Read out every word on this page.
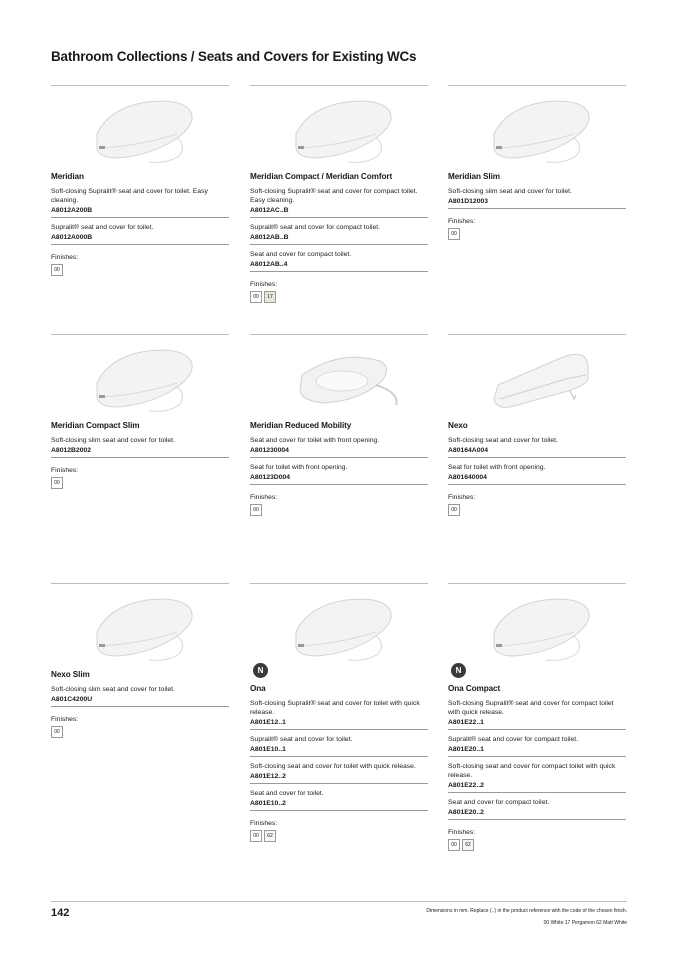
Bathroom Collections / Seats and Covers for Existing WCs
Meridian
Soft-closing Supralit® seat and cover for toilet. Easy cleaning.
A8012A200B
Supralit® seat and cover for toilet.
A8012A000B
Finishes:
00
Meridian Compact / Meridian Comfort
Soft-closing Supralit® seat and cover for compact toilet. Easy cleaning.
A8012AC..B
Supralit® seat and cover for compact toilet.
A8012AB..B
Seat and cover for compact toilet.
A8012AB..4
Finishes:
00	17
Meridian Slim
Soft-closing slim seat and cover for toilet.
A801D12003
Finishes:
00
Meridian Compact Slim
Soft-closing slim seat and cover for toilet.
A8012B2002
Finishes:
00
Meridian Reduced Mobility
Seat and cover for toilet with front opening.
A801230004
Seat for toilet with front opening.
A80123D004
Finishes:
00
Nexo
Soft-closing seat and cover for toilet.
A80164A004
Seat for toilet with front opening.
A801640004
Finishes:
00
Nexo Slim
Soft-closing slim seat and cover for toilet.
A801C4200U
Finishes:
00
N
Ona
Soft-closing Supralit® seat and cover for toilet with quick release.
A801E12..1
Supralit® seat and cover for toilet.
A801E10..1
Soft-closing seat and cover for toilet with quick release.
A801E12..2
Seat and cover for toilet.
A801E10..2
Finishes:
00	62
N
Ona Compact
Soft-closing Supralit® seat and cover for compact toilet with quick release.
A801E22..1
Supralit® seat and cover for compact toilet.
A801E20..1
Soft-closing seat and cover for compact toilet with quick release.
A801E22..2
Seat and cover for compact toilet.
A801E20..2
Finishes:
00	62
142	Dimensions in mm. Replace (..) in the product reference with the code of the chosen finish.
00 White 17 Pergamon 62 Matt White
